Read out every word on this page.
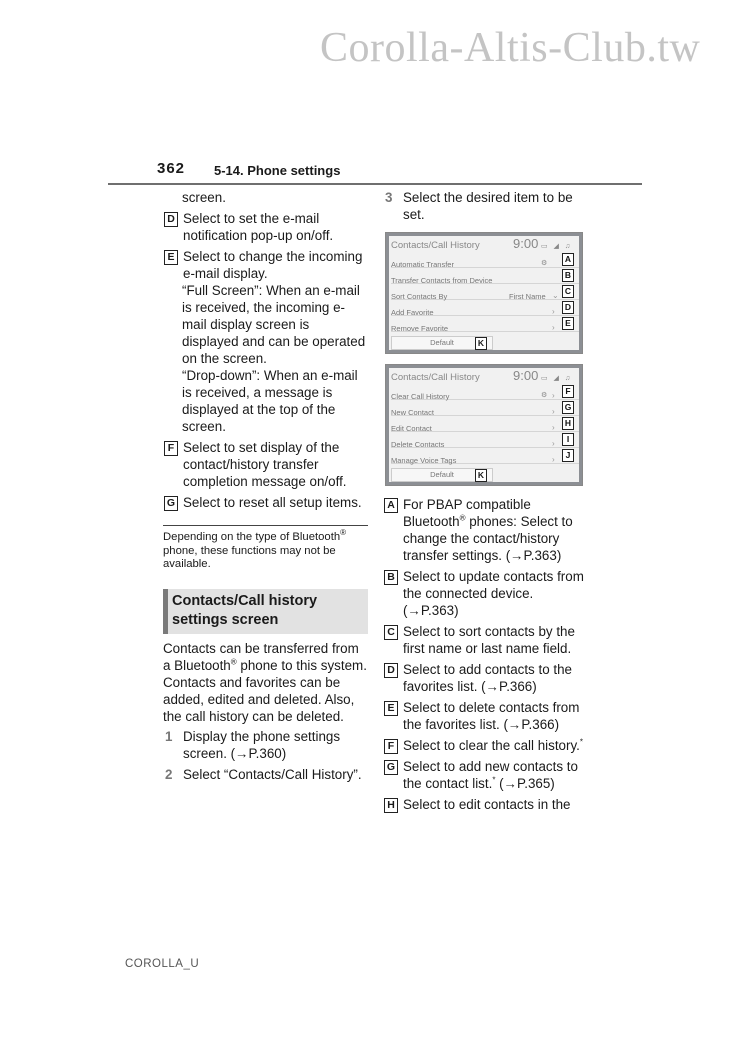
Corolla-Altis-Club.tw
362 5-14. Phone settings
screen.
D Select to set the e-mail notification pop-up on/off.
E Select to change the incoming e-mail display.
“Full Screen”: When an e-mail is received, the incoming e-mail display screen is displayed and can be operated on the screen.
“Drop-down”: When an e-mail is received, a message is displayed at the top of the screen.
F Select to set display of the contact/history transfer completion message on/off.
G Select to reset all setup items.
Depending on the type of Bluetooth® phone, these functions may not be available.
Contacts/Call history settings screen
Contacts can be transferred from a Bluetooth® phone to this system. Contacts and favorites can be added, edited and deleted. Also, the call history can be deleted.
1 Display the phone settings screen. (→P.360)
2 Select “Contacts/Call History”.
3 Select the desired item to be set.
Contacts/Call History	9:00 ▭ ◢ ♫ ⚙
Automatic Transfer
A
Transfer Contacts from Device
B
Sort Contacts By	First Name ⌄ C
Add Favorite	›	D
Remove Favorite	›	E
Default	K
Contacts/Call History	9:00 ▭ ◢ ♫ ⚙
Clear Call History	›	F
New Contact	›	G
Edit Contact	›	H
Delete Contacts	›	I
Manage Voice Tags	›	J
Default	K
A For PBAP compatible Bluetooth® phones: Select to change the contact/history transfer settings. (→P.363)
B Select to update contacts from the connected device. (→P.363)
C Select to sort contacts by the first name or last name field.
D Select to add contacts to the favorites list. (→P.366)
E Select to delete contacts from the favorites list. (→P.366)
F Select to clear the call history.*
G Select to add new contacts to the contact list.* (→P.365)
H Select to edit contacts in the
COROLLA_U
